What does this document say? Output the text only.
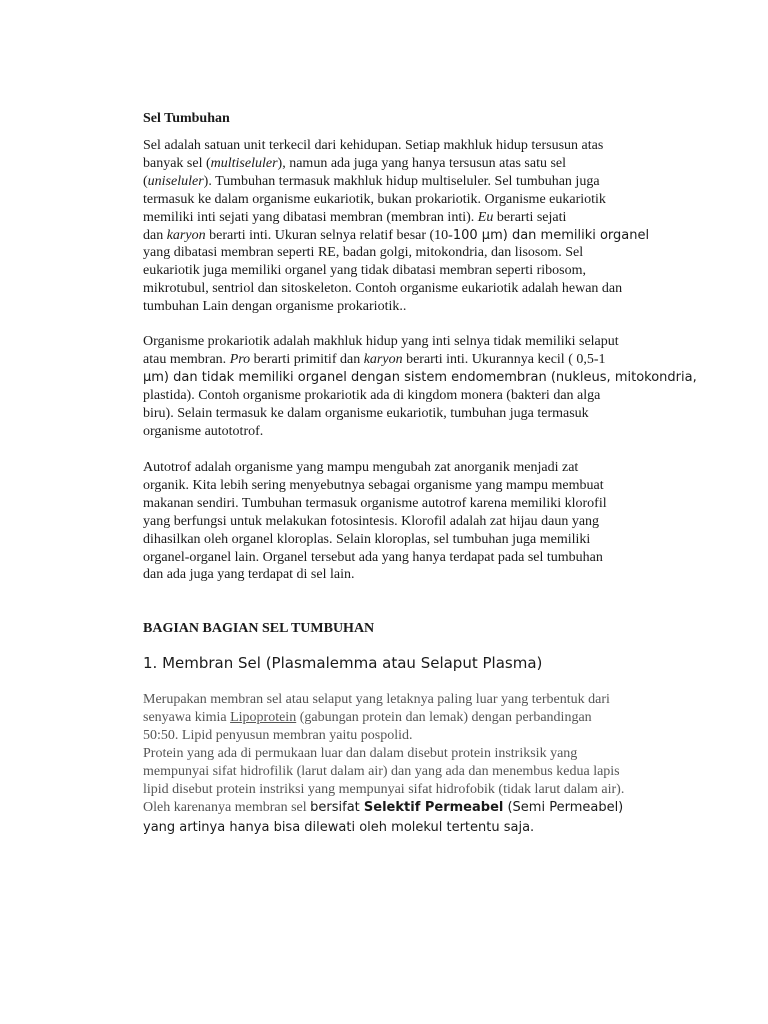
Sel Tumbuhan

Sel adalah satuan unit terkecil dari kehidupan. Setiap makhluk hidup tersusun atas
banyak sel (multiseluler), namun ada juga yang hanya tersusun atas satu sel
(uniseluler). Tumbuhan termasuk makhluk hidup multiseluler. Sel tumbuhan juga
termasuk ke dalam organisme eukariotik, bukan prokariotik. Organisme eukariotik
memiliki inti sejati yang dibatasi membran (membran inti). Eu berarti sejati
dan karyon berarti inti. Ukuran selnya relatif besar (10-100 μm) dan memiliki organel
yang dibatasi membran seperti RE, badan golgi, mitokondria, dan lisosom. Sel
eukariotik juga memiliki organel yang tidak dibatasi membran seperti ribosom,
mikrotubul, sentriol dan sitoskeleton. Contoh organisme eukariotik adalah hewan dan
tumbuhan Lain dengan organisme prokariotik..

Organisme prokariotik adalah makhluk hidup yang inti selnya tidak memiliki selaput
atau membran. Pro berarti primitif dan karyon berarti inti. Ukurannya kecil ( 0,5-1
μm) dan tidak memiliki organel dengan sistem endomembran (nukleus, mitokondria,
plastida). Contoh organisme prokariotik ada di kingdom monera (bakteri dan alga
biru). Selain termasuk ke dalam organisme eukariotik, tumbuhan juga termasuk
organisme autototrof.

Autotrof adalah organisme yang mampu mengubah zat anorganik menjadi zat
organik. Kita lebih sering menyebutnya sebagai organisme yang mampu membuat
makanan sendiri. Tumbuhan termasuk organisme autotrof karena memiliki klorofil
yang berfungsi untuk melakukan fotosintesis. Klorofil adalah zat hijau daun yang
dihasilkan oleh organel kloroplas. Selain kloroplas, sel tumbuhan juga memiliki
organel-organel lain. Organel tersebut ada yang hanya terdapat pada sel tumbuhan
dan ada juga yang terdapat di sel lain.

BAGIAN BAGIAN SEL TUMBUHAN
1. Membran Sel (Plasmalemma atau Selaput Plasma)

Merupakan membran sel atau selaput yang letaknya paling luar yang terbentuk dari
senyawa kimia Lipoprotein (gabungan protein dan lemak) dengan perbandingan
50:50. Lipid penyusun membran yaitu pospolid.
Protein yang ada di permukaan luar dan dalam disebut protein instriksik yang
mempunyai sifat hidrofilik (larut dalam air) dan yang ada dan menembus kedua lapis
lipid disebut protein instriksi yang mempunyai sifat hidrofobik (tidak larut dalam air).
Oleh karenanya membran sel bersifat Selektif Permeabel (Semi Permeabel)
yang artinya hanya bisa dilewati oleh molekul tertentu saja.
